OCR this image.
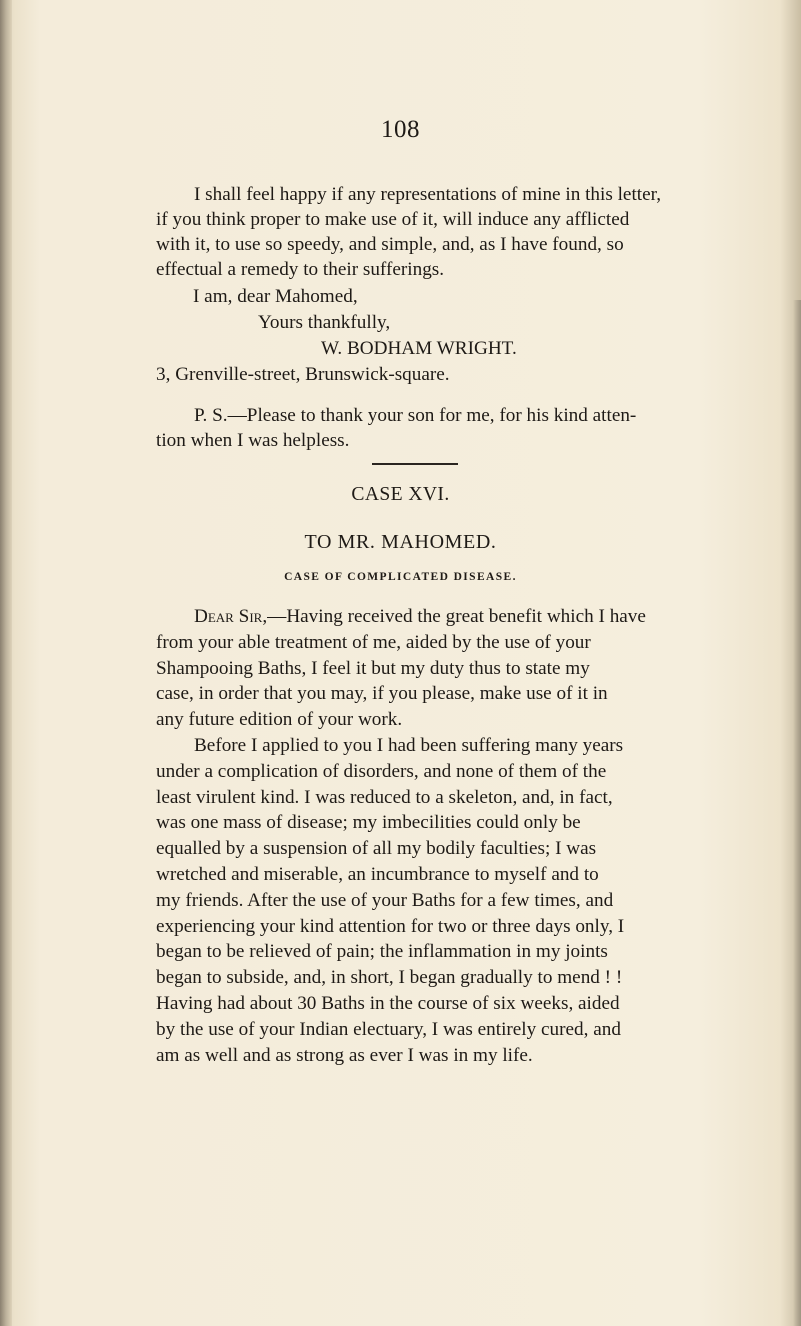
108
I shall feel happy if any representations of mine in this letter,
if you think proper to make use of it, will induce any afflicted
with it, to use so speedy, and simple, and, as I have found, so
effectual a remedy to their sufferings.
I am, dear Mahomed,
Yours thankfully,
W. BODHAM WRIGHT.
3, Grenville-street, Brunswick-square.
P. S.—Please to thank your son for me, for his kind atten-
tion when I was helpless.
CASE XVI.
TO MR. MAHOMED.
CASE OF COMPLICATED DISEASE.
Dear Sir,—Having received the great benefit which I have
from your able treatment of me, aided by the use of your
Shampooing Baths, I feel it but my duty thus to state my
case, in order that you may, if you please, make use of it in
any future edition of your work.
Before I applied to you I had been suffering many years
under a complication of disorders, and none of them of the
least virulent kind. I was reduced to a skeleton, and, in fact,
was one mass of disease; my imbecilities could only be
equalled by a suspension of all my bodily faculties; I was
wretched and miserable, an incumbrance to myself and to
my friends. After the use of your Baths for a few times, and
experiencing your kind attention for two or three days only, I
began to be relieved of pain; the inflammation in my joints
began to subside, and, in short, I began gradually to mend ! !
Having had about 30 Baths in the course of six weeks, aided
by the use of your Indian electuary, I was entirely cured, and
am as well and as strong as ever I was in my life.
